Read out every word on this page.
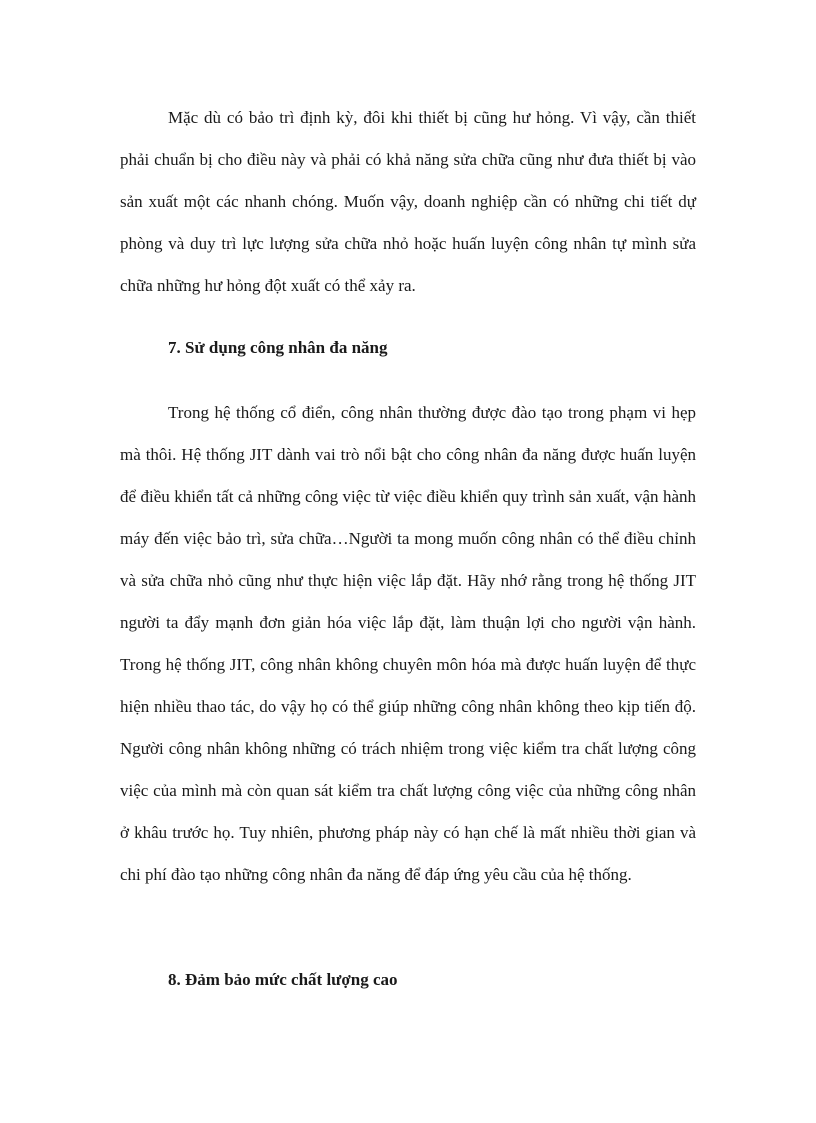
Mặc dù có bảo trì định kỳ, đôi khi thiết bị cũng hư hỏng. Vì vậy, cần thiết phải chuẩn bị cho điều này và phải có khả năng sửa chữa cũng như đưa thiết bị vào sản xuất một các nhanh chóng. Muốn vậy, doanh nghiệp cần có những chi tiết dự phòng và duy trì lực lượng sửa chữa nhỏ hoặc huấn luyện công nhân tự mình sửa chữa những hư hỏng đột xuất có thể xảy ra.

7. Sử dụng công nhân đa năng

Trong hệ thống cổ điển, công nhân thường được đào tạo trong phạm vi hẹp mà thôi. Hệ thống JIT dành vai trò nổi bật cho công nhân đa năng được huấn luyện để điều khiển tất cả những công việc từ việc điều khiển quy trình sản xuất, vận hành máy đến việc bảo trì, sửa chữa…Người ta mong muốn công nhân có thể điều chỉnh và sửa chữa nhỏ cũng như thực hiện việc lắp đặt. Hãy nhớ rằng trong hệ thống JIT người ta đẩy mạnh đơn giản hóa việc lắp đặt, làm thuận lợi cho người vận hành. Trong hệ thống JIT, công nhân không chuyên môn hóa mà được huấn luyện để thực hiện nhiều thao tác, do vậy họ có thể giúp những công nhân không theo kịp tiến độ. Người công nhân không những có trách nhiệm trong việc kiểm tra chất lượng công việc của mình mà còn quan sát kiểm tra chất lượng công việc của những công nhân ở khâu trước họ. Tuy nhiên, phương pháp này có hạn chế là mất nhiều thời gian và chi phí đào tạo những công nhân đa năng để đáp ứng yêu cầu của hệ thống.

8. Đảm bảo mức chất lượng cao
